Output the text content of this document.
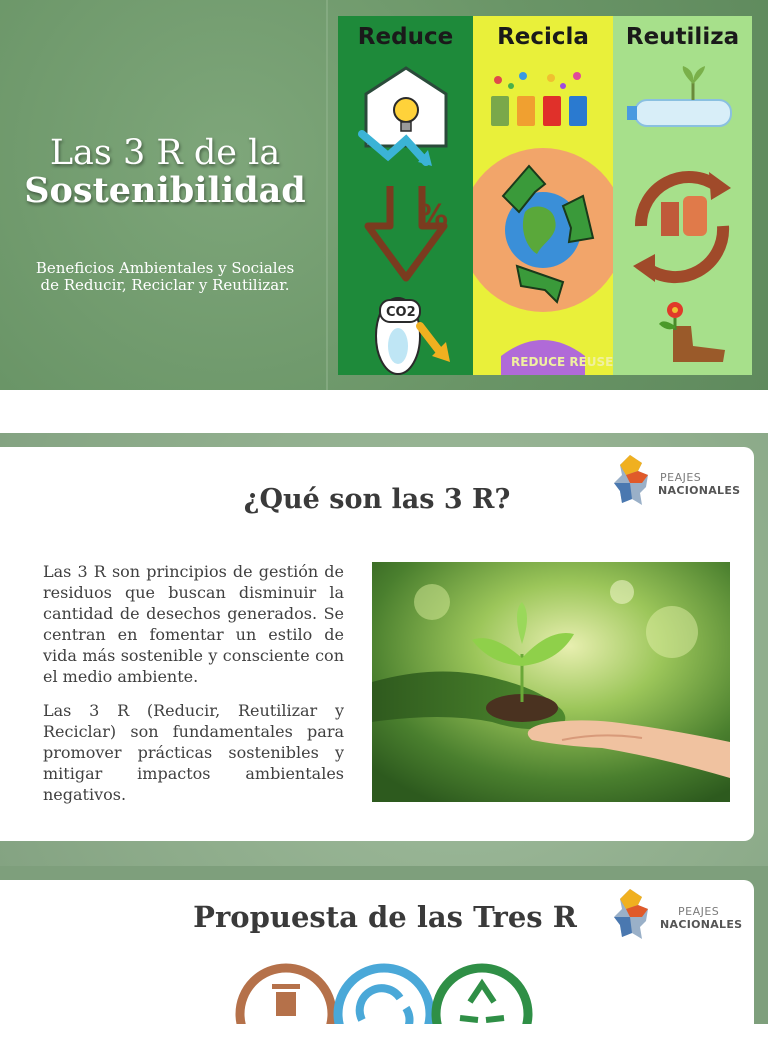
Las 3 R de la
Sostenibilidad
Beneficios Ambientales y Sociales de Reducir, Reciclar y Reutilizar.
Reduce
%
CO2
Recicla
REDUCE REUSE
Reutiliza
PEAJES
NACIONALES
¿Qué son las 3 R?
Las 3 R son principios de gestión de residuos que buscan disminuir la cantidad de desechos generados. Se centran en fomentar un estilo de vida más sostenible y consciente con el medio ambiente.
Las 3 R (Reducir, Reutilizar y Reciclar) son fundamentales para promover prácticas sostenibles y mitigar impactos ambientales negativos.
PEAJES
NACIONALES
Propuesta de las Tres R
